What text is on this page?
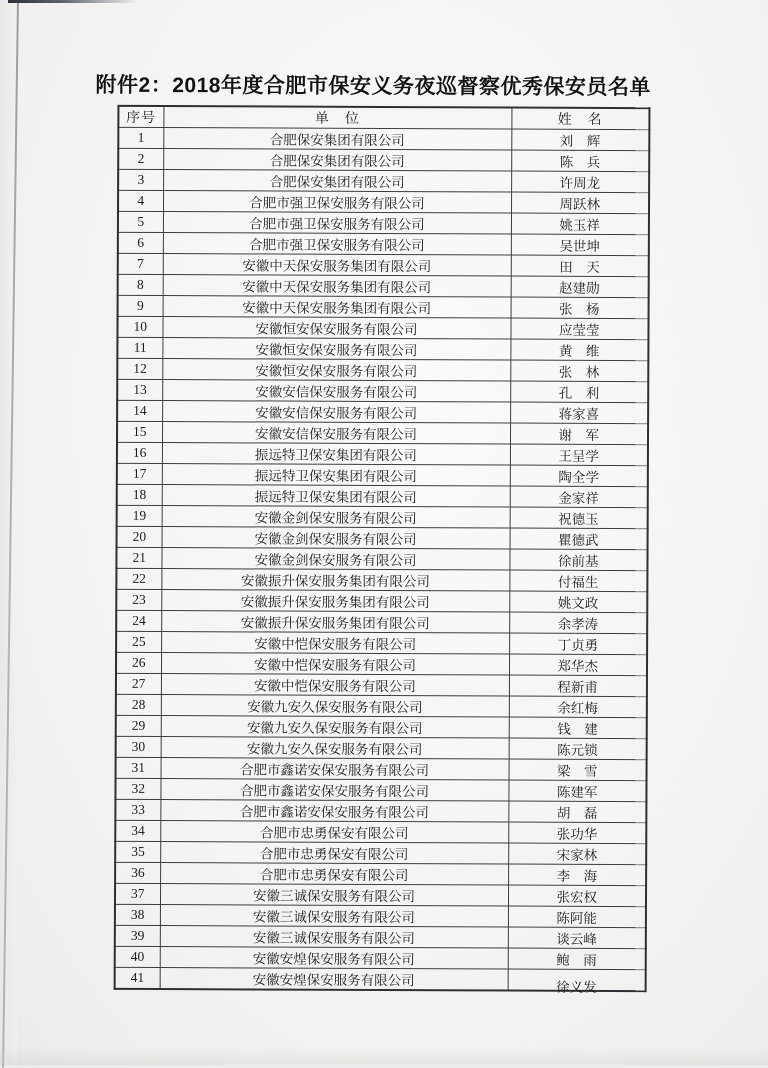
附件2：2018年度合肥市保安义务夜巡督察优秀保安员名单
序号	单　位	姓　名
1	合肥保安集团有限公司	刘　辉
2	合肥保安集团有限公司	陈　兵
3	合肥保安集团有限公司	许周龙
4	合肥市强卫保安服务有限公司	周跃林
5	合肥市强卫保安服务有限公司	姚玉祥
6	合肥市强卫保安服务有限公司	吴世坤
7	安徽中天保安服务集团有限公司	田　天
8	安徽中天保安服务集团有限公司	赵建勋
9	安徽中天保安服务集团有限公司	张　杨
10	安徽恒安保安服务有限公司	应莹莹
11	安徽恒安保安服务有限公司	黄　维
12	安徽恒安保安服务有限公司	张　林
13	安徽安信保安服务有限公司	孔　利
14	安徽安信保安服务有限公司	蒋家喜
15	安徽安信保安服务有限公司	谢　军
16	振远特卫保安集团有限公司	王呈学
17	振远特卫保安集团有限公司	陶全学
18	振远特卫保安集团有限公司	金家祥
19	安徽金剑保安服务有限公司	祝德玉
20	安徽金剑保安服务有限公司	瞿德武
21	安徽金剑保安服务有限公司	徐前基
22	安徽振升保安服务集团有限公司	付福生
23	安徽振升保安服务集团有限公司	姚文政
24	安徽振升保安服务集团有限公司	余孝涛
25	安徽中恺保安服务有限公司	丁贞勇
26	安徽中恺保安服务有限公司	郑华杰
27	安徽中恺保安服务有限公司	程新甫
28	安徽九安久保安服务有限公司	余红梅
29	安徽九安久保安服务有限公司	钱　建
30	安徽九安久保安服务有限公司	陈元锁
31	合肥市鑫诺安保安服务有限公司	梁　雪
32	合肥市鑫诺安保安服务有限公司	陈建军
33	合肥市鑫诺安保安服务有限公司	胡　磊
34	合肥市忠勇保安有限公司	张功华
35	合肥市忠勇保安有限公司	宋家林
36	合肥市忠勇保安有限公司	李　海
37	安徽三诚保安服务有限公司	张宏权
38	安徽三诚保安服务有限公司	陈阿能
39	安徽三诚保安服务有限公司	谈云峰
40	安徽安煌保安服务有限公司	鲍　雨
41	安徽安煌保安服务有限公司	徐义发
